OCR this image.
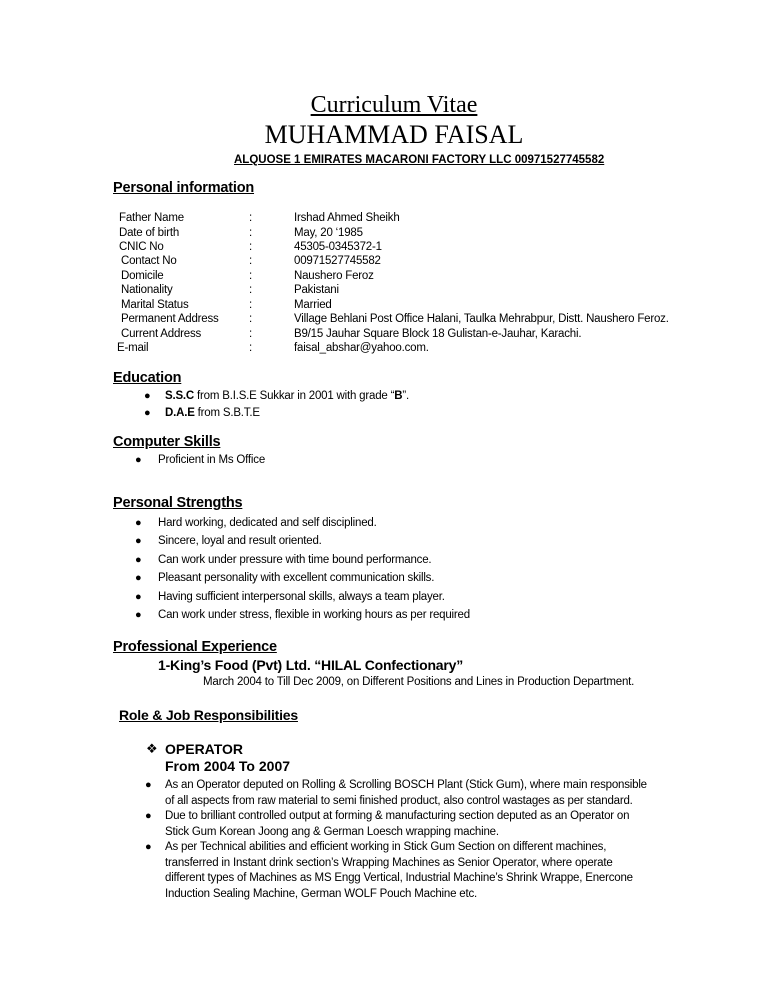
Curriculum Vitae
MUHAMMAD FAISAL
ALQUOSE 1 EMIRATES MACARONI FACTORY LLC 00971527745582
Personal information
Father Name	:	Irshad Ahmed Sheikh
Date of birth	:	May, 20 ‘1985
CNIC No	:	45305-0345372-1
Contact No	:	00971527745582
Domicile	:	Naushero Feroz
Nationality	:	Pakistani
Marital Status	:	Married
Permanent Address	:	Village Behlani Post Office Halani, Taulka Mehrabpur, Distt. Naushero Feroz.
Current Address	:	B9/15 Jauhar Square Block 18 Gulistan-e-Jauhar, Karachi.
E-mail	:	faisal_abshar@yahoo.com.
Education
● S.S.C from B.I.S.E Sukkar in 2001 with grade “B”.
● D.A.E from S.B.T.E
Computer Skills
● Proficient in Ms Office
Personal Strengths
● Hard working, dedicated and self disciplined.
● Sincere, loyal and result oriented.
● Can work under pressure with time bound performance.
● Pleasant personality with excellent communication skills.
● Having sufficient interpersonal skills, always a team player.
● Can work under stress, flexible in working hours as per required
Professional Experience
1-King’s Food (Pvt) Ltd. “HILAL Confectionary”
March 2004 to Till Dec 2009, on Different Positions and Lines in Production Department.
Role & Job Responsibilities
❖ OPERATOR
From 2004 To 2007
● As an Operator deputed on Rolling & Scrolling BOSCH Plant (Stick Gum), where main responsible of all aspects from raw material to semi finished product, also control wastages as per standard.
● Due to brilliant controlled output at forming & manufacturing section deputed as an Operator on Stick Gum Korean Joong ang & German Loesch wrapping machine.
● As per Technical abilities and efficient working in Stick Gum Section on different machines, transferred in Instant drink section’s Wrapping Machines as Senior Operator, where operate different types of Machines as MS Engg Vertical, Industrial Machine’s Shrink Wrappe, Enercone Induction Sealing Machine, German WOLF Pouch Machine etc.
